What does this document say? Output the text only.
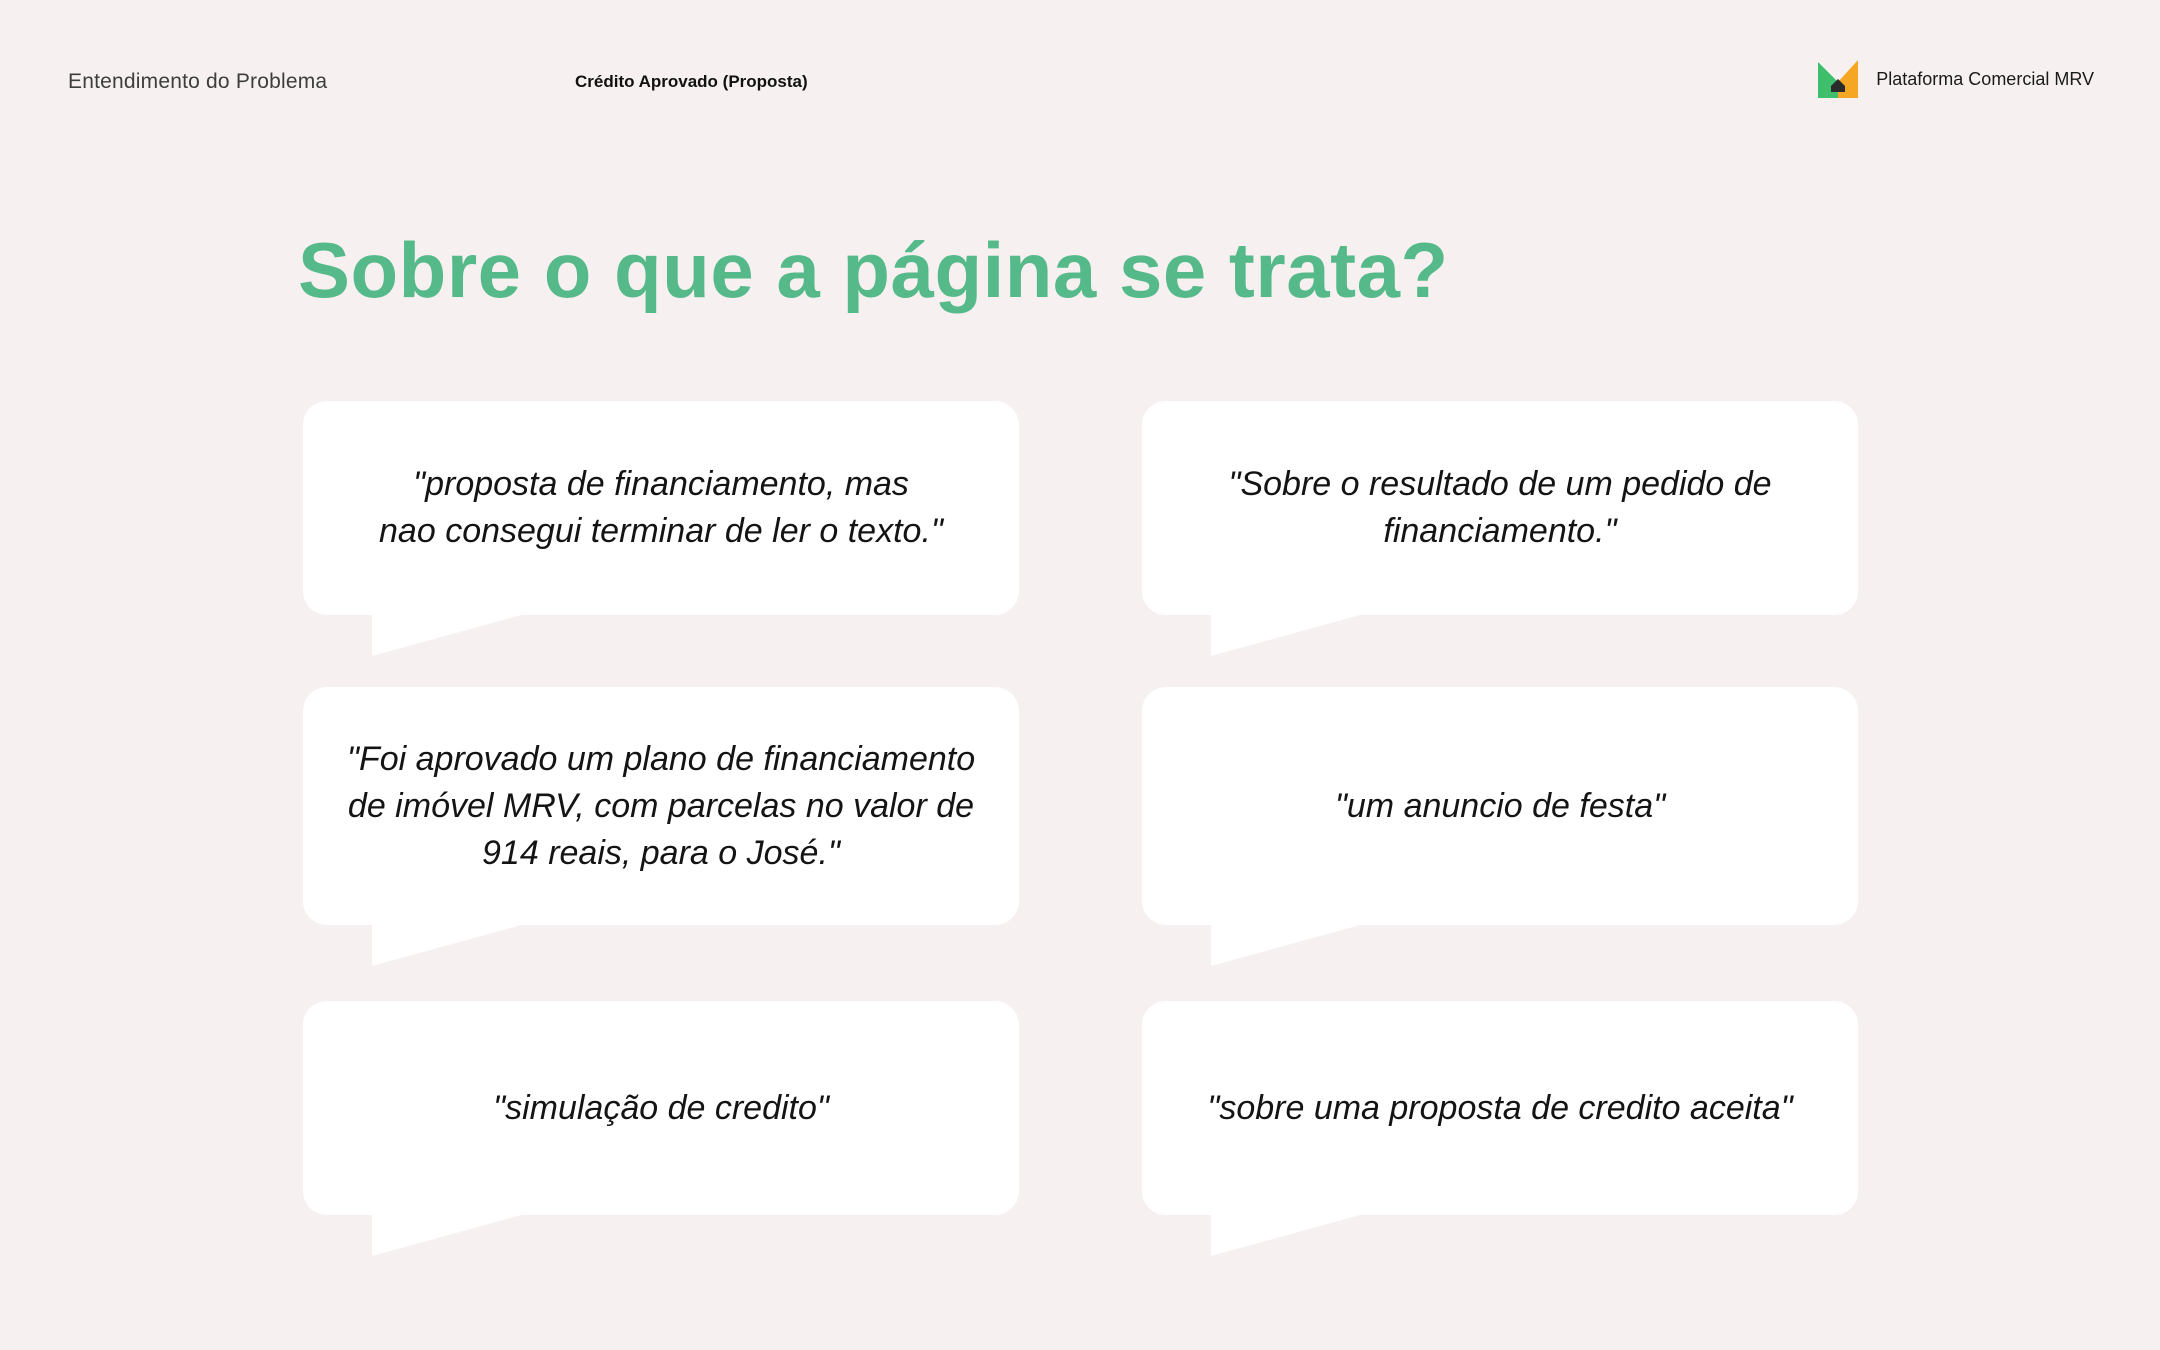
Entendimento do Problema	Crédito Aprovado (Proposta)	Plataforma Comercial MRV
Sobre o que a página se trata?
"proposta de financiamento, mas
nao consegui terminar de ler o texto."
"Sobre o resultado de um pedido de
financiamento."
"Foi aprovado um plano de financiamento
de imóvel MRV, com parcelas no valor de
914 reais, para o José."
"um anuncio de festa"
"simulação de credito"	"sobre uma proposta de credito aceita"
